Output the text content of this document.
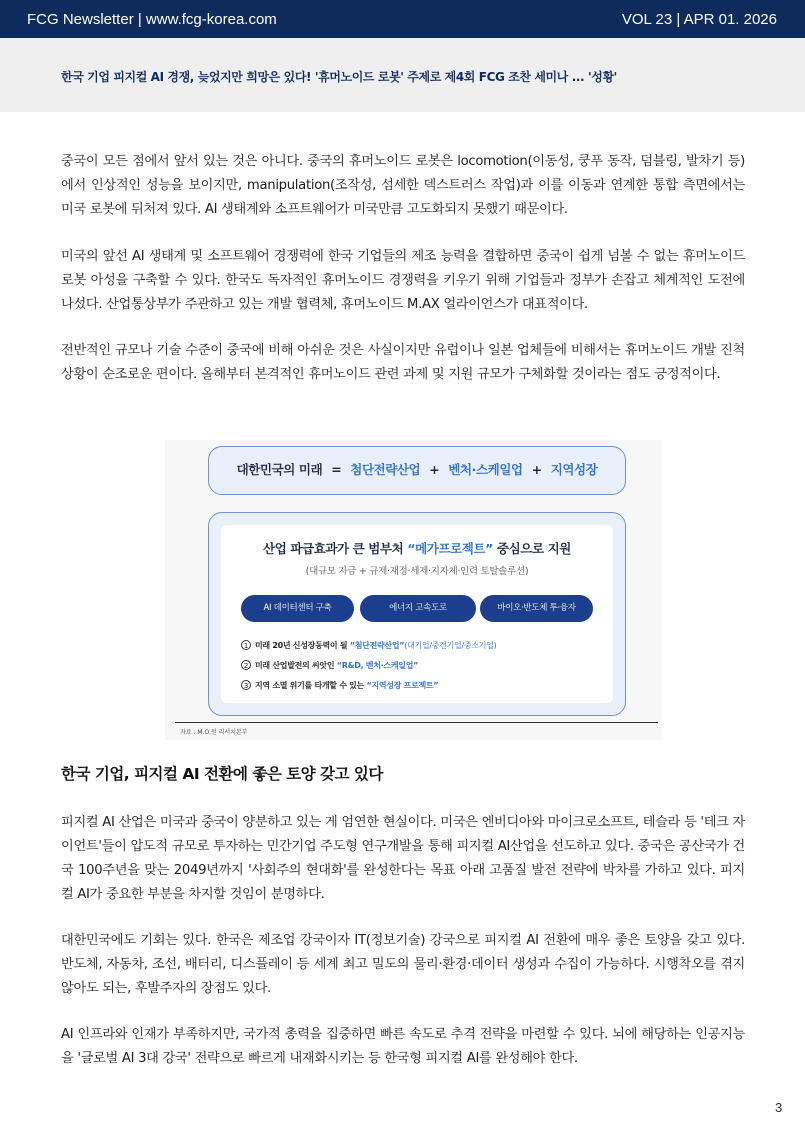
FCG Newsletter | www.fcg-korea.com	VOL 23 | APR 01. 2026
한국 기업 피지컬 AI 경쟁, 늦었지만 희망은 있다! '휴머노이드 로봇' 주제로 제4회 FCG 조찬 세미나 ... '성황'

중국이 모든 점에서 앞서 있는 것은 아니다. 중국의 휴머노이드 로봇은 locomotion(이동성, 쿵푸 동작, 덤블링, 발차기 등)에서 인상적인 성능을 보이지만, manipulation(조작성, 섬세한 덱스트러스 작업)과 이를 이동과 연계한 통합 측면에서는 미국 로봇에 뒤처져 있다. AI 생태계와 소프트웨어가 미국만큼 고도화되지 못했기 때문이다.

미국의 앞선 AI 생태계 및 소프트웨어 경쟁력에 한국 기업들의 제조 능력을 결합하면 중국이 쉽게 넘볼 수 없는 휴머노이드 로봇 아성을 구축할 수 있다. 한국도 독자적인 휴머노이드 경쟁력을 키우기 위해 기업들과 정부가 손잡고 체계적인 도전에 나섰다. 산업통상부가 주관하고 있는 개발 협력체, 휴머노이드 M.AX 얼라이언스가 대표적이다.

전반적인 규모나 기술 수준이 중국에 비해 아쉬운 것은 사실이지만 유럽이나 일본 업체들에 비해서는 휴머노이드 개발 진척 상황이 순조로운 편이다. 올해부터 본격적인 휴머노이드 관련 과제 및 지원 규모가 구체화할 것이라는 점도 긍정적이다.

대한민국의 미래 = 첨단전략산업 + 벤처·스케일업 + 지역성장
산업 파급효과가 큰 범부처 “메가프로젝트” 중심으로 지원
(대규모 자금 + 규제·재정·세제·지자체·인력 토탈솔루션)
AI 데이터센터 구축	에너지 고속도로	바이오·반도체 투·융자
1 미래 20년 신성장동력이 될 “첨단전략산업”(대기업/중견기업/중소기업)
2 미래 산업발전의 씨앗인 “R&D, 벤처·스케일업”
3 지역 소멸 위기를 타개할 수 있는 “지역성장 프로젝트”
자료 : M.O.원 리서치본부
한국 기업, 피지컬 AI 전환에 좋은 토양 갖고 있다

피지컬 AI 산업은 미국과 중국이 양분하고 있는 게 엄연한 현실이다. 미국은 엔비디아와 마이크로소프트, 테슬라 등 '테크 자이언트'들이 압도적 규모로 투자하는 민간기업 주도형 연구개발을 통해 피지컬 AI산업을 선도하고 있다. 중국은 공산국가 건국 100주년을 맞는 2049년까지 '사회주의 현대화'를 완성한다는 목표 아래 고품질 발전 전략에 박차를 가하고 있다. 피지컬 AI가 중요한 부분을 차지할 것임이 분명하다.

대한민국에도 기회는 있다. 한국은 제조업 강국이자 IT(정보기술) 강국으로 피지컬 AI 전환에 매우 좋은 토양을 갖고 있다. 반도체, 자동차, 조선, 배터리, 디스플레이 등 세계 최고 밀도의 물리·환경·데이터 생성과 수집이 가능하다. 시행착오를 겪지 않아도 되는, 후발주자의 장점도 있다.

AI 인프라와 인재가 부족하지만, 국가적 총력을 집중하면 빠른 속도로 추격 전략을 마련할 수 있다. 뇌에 해당하는 인공지능을 '글로벌 AI 3대 강국' 전략으로 빠르게 내재화시키는 등 한국형 피지컬 AI를 완성해야 한다.

3
